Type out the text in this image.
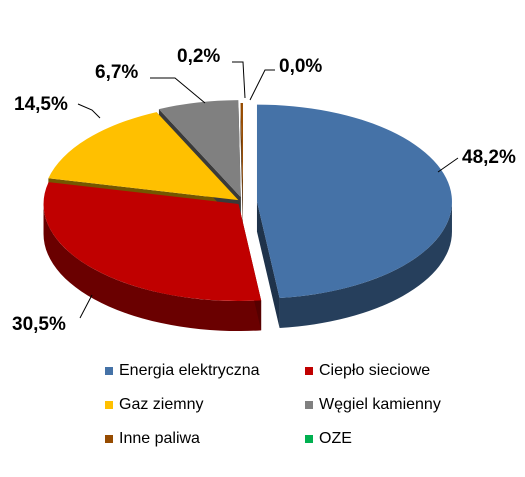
48,2%
30,5%
14,5%
6,7%
0,2%	0,0%
Energia elektryczna	Ciepło sieciowe
Gaz ziemny	Węgiel kamienny
Inne paliwa	OZE
